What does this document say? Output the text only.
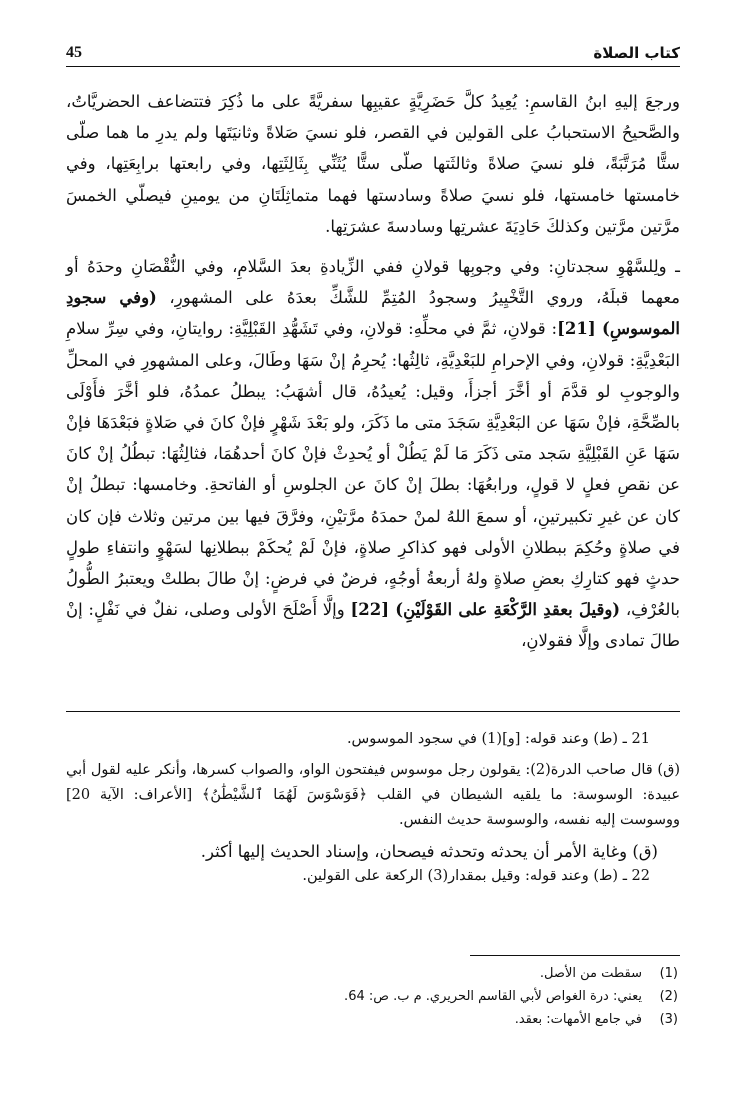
45	كتاب الصلاة

ورجعَ إليهِ ابنُ القاسمِ: يُعِيدُ كلَّ حَضَرِيَّةٍ عقيبِها سفريَّةً على ما ذُكِرَ فتتضاعف الحضريَّاتُ، والصَّحيحُ الاستحبابُ على القولين في القصر، فلو نسيَ صَلاةً وثانيَتَها ولم يدرِ ما هما صلّى ستًّا مُرَتَّبَةً، فلو نسيَ صلاةً وثالثَتها صلّى ستًّا يُثَنِّي بِثَالِثَتِها، وفي رابعتها برابِعَتِها، وفي خامستها خامستها، فلو نسيَ صلاةً وسادستها فهما متماثِلَتَانِ من يومينِ فيصلّي الخمسَ مرَّتين مرَّتين وكذلكَ حَادِيَةَ عشرتِها وسادسةَ عشرَتِها.

ـ ولِلسَّهْوِ سجدتانِ: وفي وجوبِها قولانِ ففي الزِّيادةِ بعدَ السَّلامِ، وفي النُّقْصَانِ وحدَهُ أو معهما قبلَهُ، وروي التَّخْيِيرُ وسجودُ المُتِمِّ للشَّكِّ بعدَهُ على المشهورِ، (وفي سجودِ الموسوسِ) [21]: قولانِ، ثمَّ في محلِّهِ: قولانِ، وفي تَشَهُّدِ القَبْلِيَّةِ: روايتانِ، وفي سِرِّ سلامِ البَعْدِيَّةِ: قولانِ، وفي الإحرامِ للبَعْدِيَّةِ، ثالِثُها: يُحرِمُ إنْ سَهَا وطَالَ، وعلى المشهورِ في المحلِّ والوجوبِ لو قدَّمَ أو أخَّرَ أجزأَ، وقيل: يُعيدُهُ، قال أشهَبُ: يبطلُ عمدُهُ، فلو أخَّرَ فأَوْلَى بالصِّحَّةِ، فإنْ سَهَا عن البَعْدِيَّةِ سَجَدَ متى ما ذَكَرَ، ولو بَعْدَ شَهْرٍ فإنْ كانَ في صَلاةٍ فبَعْدَهَا فإنْ سَهَا عَنِ القَبْلِيَّةِ سَجد متى ذَكَرَ مَا لَمْ يَطُلْ أو يُحدِثْ فإنْ كانَ أحدهُمَا، فثالِثُهَا: تبطُلُ إنْ كانَ عن نقصِ فعلٍ لا قولٍ، ورابعُهَا: بطلَ إنْ كانَ عن الجلوسِ أو الفاتحةِ. وخامسها: تبطلُ إنْ كان عن غيرِ تكبيرتينِ، أو سمعَ اللهُ لمنْ حمدَهُ مرَّتيْنِ، وفرَّقَ فيها بين مرتين وثلاث فإن كان في صلاةٍ وحُكِمَ ببطلانِ الأولى فهو كذاكرِ صلاةٍ، فإنْ لَمْ يُحكَمْ ببطلانِها لسَهْوٍ وانتفاءِ طولٍ حدثٍ فهو كتارِكِ بعضِ صلاةٍ ولهُ أربعةُ أوجُهٍ، فرضٌ في فرضٍ: إنْ طالَ بطلتْ ويعتبرُ الطُّولُ بالعُرْفِ، (وقيلَ بعقدِ الرَّكْعَةِ على القَوْلَيْنِ) [22] وإلَّا أَصْلَحَ الأولى وصلى، نفلٌ في نَفْلٍ: إنْ طالَ تمادى وإلَّا فقولانِ،

21 ـ (ط) وعند قوله: [و](1) في سجود الموسوس.

(ق) قال صاحب الدرة(2): يقولون رجل موسوس فيفتحون الواو، والصواب كسرها، وأنكر عليه لقول أبي عبيدة: الوسوسة: ما يلقيه الشيطان في القلب ﴿فَوَسْوَسَ لَهُمَا ٱلشَّيْطَٰنُ﴾ [الأعراف: الآية 20] ووسوست إليه نفسه، والوسوسة حديث النفس.

(ق) وغاية الأمر أن يحدثه وتحدثه فيصحان، وإسناد الحديث إليها أكثر.

22 ـ (ط) وعند قوله: وقيل بمقدار(3) الركعة على القولين.

(1)
سقطت من الأصل.
(2)
يعني: درة الغواص لأبي القاسم الحريري. م ب. ص: 64.
(3)
في جامع الأمهات: بعقد.
